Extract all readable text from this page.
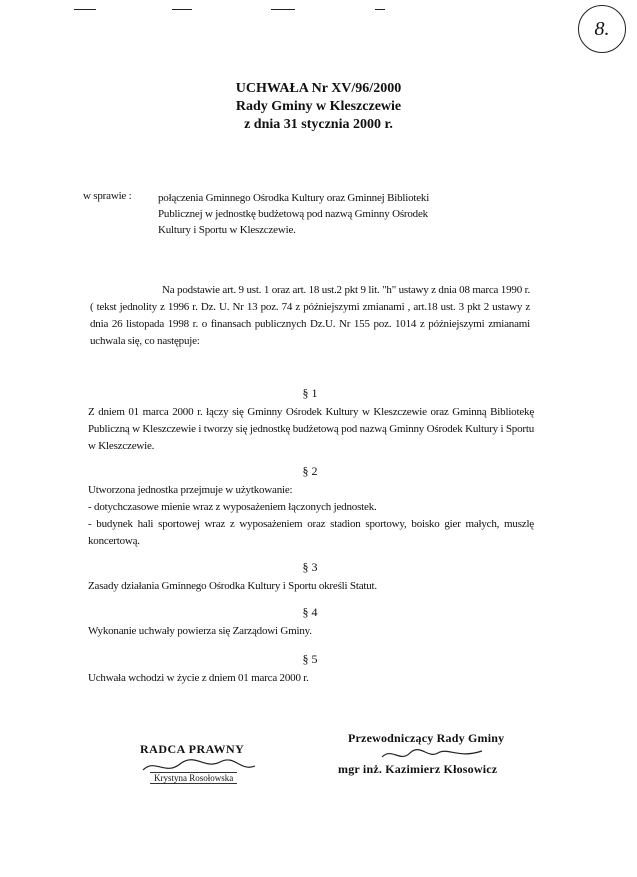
8.
UCHWAŁA Nr XV/96/2000
Rady Gminy w Kleszczewie
z dnia 31 stycznia 2000 r.
w sprawie : połączenia Gminnego Ośrodka Kultury oraz Gminnej Biblioteki Publicznej w jednostkę budżetową pod nazwą Gminny Ośrodek Kultury i Sportu w Kleszczewie.
Na podstawie art. 9 ust. 1 oraz art. 18 ust.2 pkt 9 lit. "h" ustawy z dnia 08 marca 1990 r. ( tekst jednolity z 1996 r. Dz. U. Nr 13 poz. 74 z późniejszymi zmianami , art.18 ust. 3 pkt 2 ustawy z dnia 26 listopada 1998 r. o finansach publicznych Dz.U. Nr 155 poz. 1014 z późniejszymi zmianami uchwala się, co następuje:
§ 1
Z dniem 01 marca 2000 r. łączy się Gminny Ośrodek Kultury w Kleszczewie oraz Gminną Bibliotekę Publiczną w Kleszczewie i tworzy się jednostkę budżetową pod nazwą Gminny Ośrodek Kultury i Sportu w Kleszczewie.
§ 2
Utworzona jednostka przejmuje w użytkowanie:
- dotychczasowe mienie wraz z wyposażeniem łączonych jednostek.
- budynek hali sportowej wraz z wyposażeniem oraz stadion sportowy, boisko gier małych, muszlę koncertową.
§ 3
Zasady działania Gminnego Ośrodka Kultury i Sportu określi Statut.
§ 4
Wykonanie uchwały powierza się Zarządowi Gminy.
§ 5
Uchwała wchodzi w życie z dniem 01 marca 2000 r.
RADCA PRAWNY
Krystyna Rosołowska
Przewodniczący Rady Gminy
mgr inż. Kazimierz Kłosowicz
